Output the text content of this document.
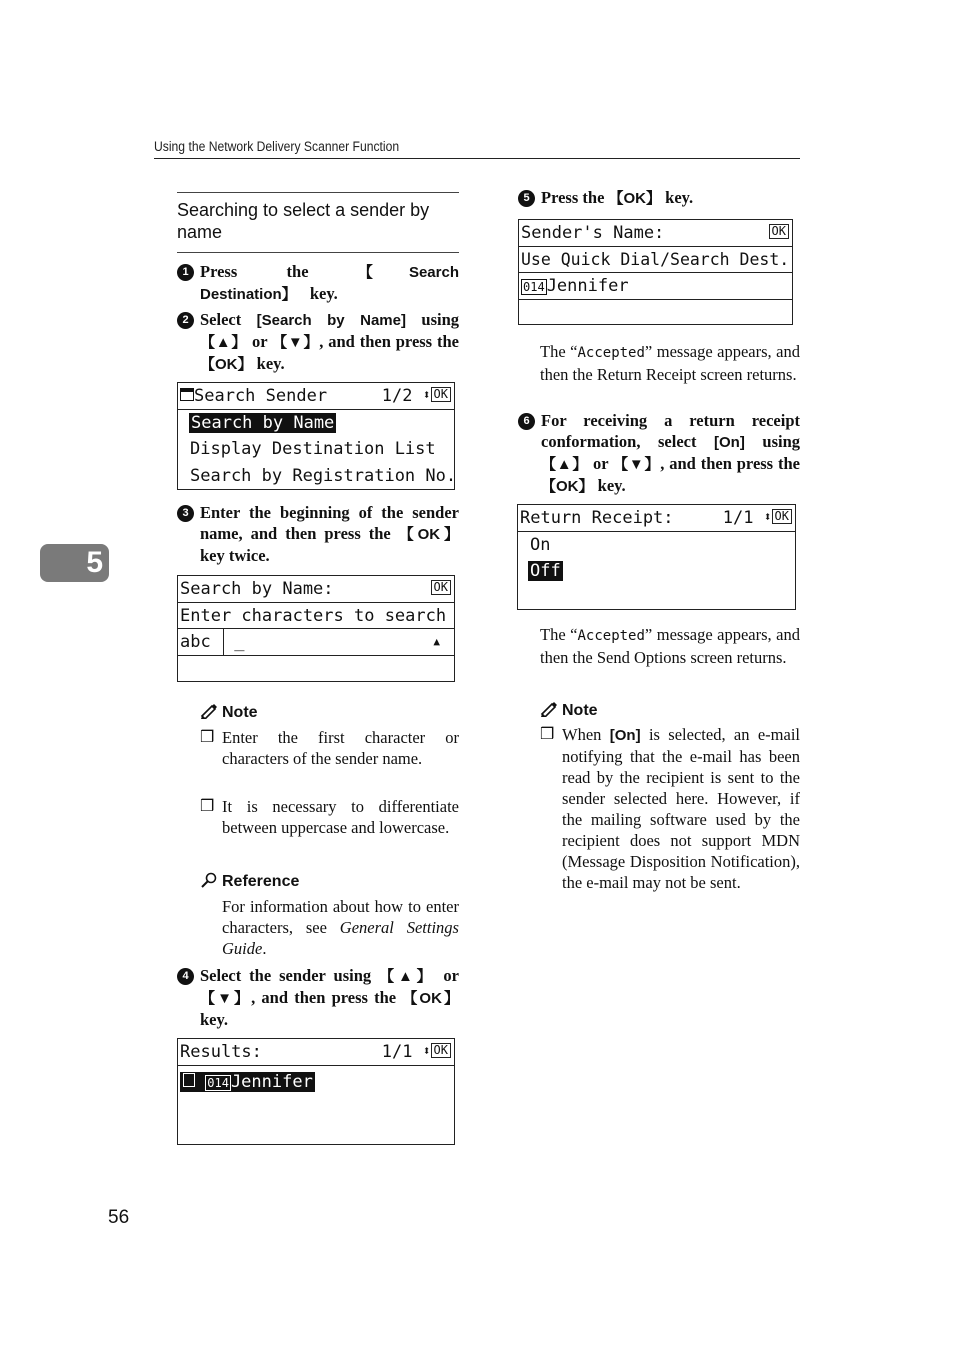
Using the Network Delivery Scanner Function
5
56
Searching to select a sender by name
1 Press the 【Search Destination】 key.
2 Select [Search by Name] using 【▲】 or 【▼】, and then press the 【OK】 key.
Search Sender	1/2 ⬍ OK
Search by Name
Display Destination List
Search by Registration No.
3 Enter the beginning of the sender name, and then press the 【OK】 key twice.
Search by Name:	OK
Enter characters to search
abc _	▲
Note
❒ Enter the first character or characters of the sender name.
❒ It is necessary to differentiate between uppercase and lowercase.
Reference
For information about how to enter characters, see General Settings Guide.
4 Select the sender using 【▲】 or 【▼】, and then press the 【OK】 key.
Results:	1/1 ⬍ OK
014 Jennifer
5 Press the 【OK】 key.
Sender's Name:	OK
Use Quick Dial/Search Dest.
014 Jennifer
The “Accepted” message appears, and then the Return Receipt screen returns.
6 For receiving a return receipt conformation, select [On] using 【▲】 or 【▼】, and then press the 【OK】 key.
Return Receipt:	1/1 ⬍ OK
On
Off
The “Accepted” message appears, and then the Send Options screen returns.
Note
❒ When [On] is selected, an e-mail notifying that the e-mail has been read by the recipient is sent to the sender selected here. However, if the mailing software used by the recipient does not support MDN (Message Disposition Notification), the e-mail may not be sent.
